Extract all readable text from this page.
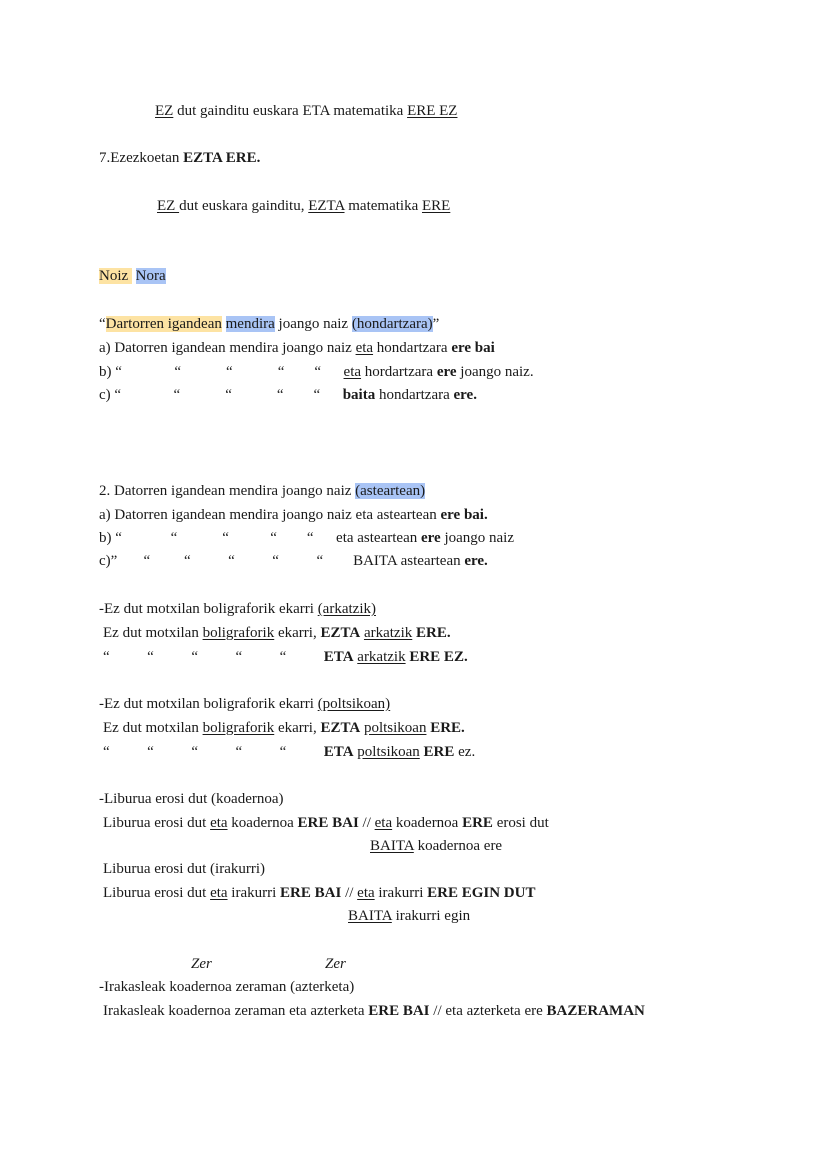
EZ dut gainditu euskara ETA matematika ERE EZ
7.Ezezkoetan EZTA ERE.
EZ dut euskara gainditu, EZTA matematika ERE
Noiz  Nora
“Dartorren igandean mendira joango naiz (hondartzara)”
a) Datorren igandean mendira joango naiz eta hondartzara ere bai
b) “              “            “            “        “      eta hordartzara ere joango naiz.
c) “              “            “            “        “      baita hondartzara ere.
2. Datorren igandean mendira joango naiz (asteartean)
a) Datorren igandean mendira joango naiz eta asteartean ere bai.
b) “             “            “           “        “      eta asteartean ere joango naiz
c)”       “         “          “          “          “        BAITA asteartean ere.
-Ez dut motxilan boligraforik ekarri (arkatzik)
Ez dut motxilan boligraforik ekarri, EZTA arkatzik ERE.
“          “          “          “          “          ETA arkatzik ERE EZ.
-Ez dut motxilan boligraforik ekarri (poltsikoan)
Ez dut motxilan boligraforik ekarri, EZTA poltsikoan ERE.
“          “          “          “          “          ETA poltsikoan ERE ez.
-Liburua erosi dut (koadernoa)
Liburua erosi dut eta koadernoa ERE BAI // eta koadernoa ERE erosi dut
BAITA koadernoa ere
Liburua erosi dut (irakurri)
Liburua erosi dut eta irakurri ERE BAI // eta irakurri ERE EGIN DUT
BAITA irakurri egin
Zer	Zer
-Irakasleak koadernoa zeraman (azterketa)
Irakasleak koadernoa zeraman eta azterketa ERE BAI // eta azterketa ere BAZERAMAN
